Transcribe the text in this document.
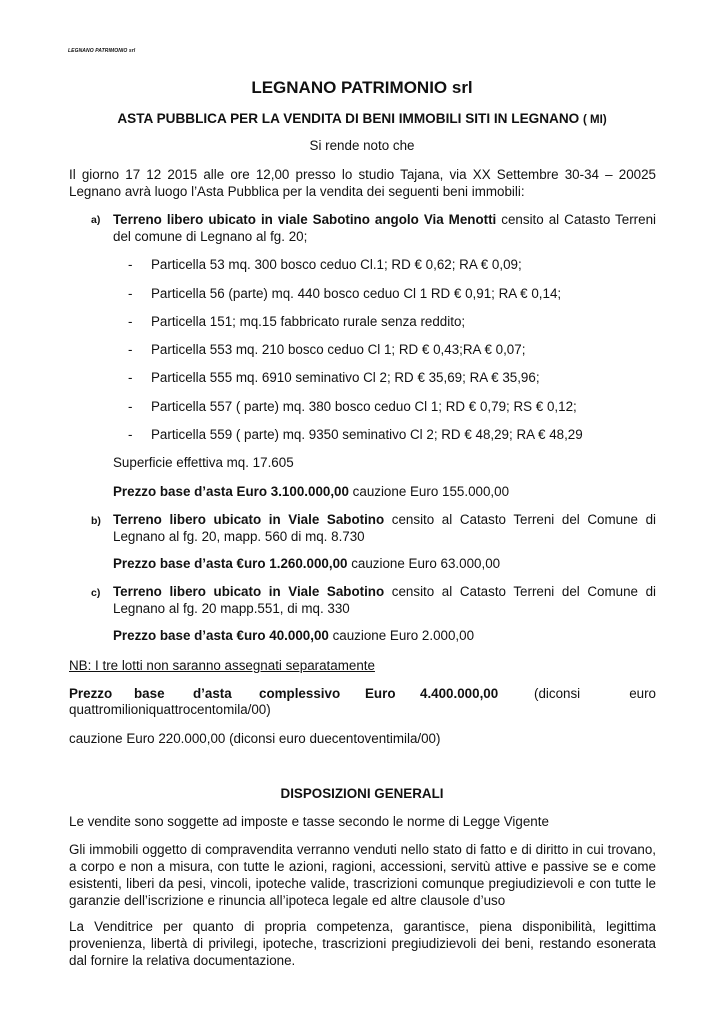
LEGNANO PATRIMONIO srl
LEGNANO PATRIMONIO srl
ASTA PUBBLICA PER LA VENDITA DI BENI IMMOBILI SITI IN LEGNANO ( MI)
Si rende noto che
Il giorno 17 12 2015 alle ore 12,00 presso lo studio Tajana, via XX Settembre 30-34 – 20025 Legnano avrà luogo l’Asta Pubblica per la vendita dei seguenti beni immobili:
a) Terreno libero ubicato in viale Sabotino angolo Via Menotti censito al Catasto Terreni del comune di Legnano al fg. 20;
- Particella 53 mq. 300 bosco ceduo Cl.1; RD € 0,62; RA € 0,09;
- Particella 56 (parte) mq. 440 bosco ceduo Cl 1 RD € 0,91; RA € 0,14;
- Particella 151; mq.15 fabbricato rurale senza reddito;
- Particella 553 mq. 210 bosco ceduo Cl 1; RD € 0,43;RA € 0,07;
- Particella 555 mq. 6910 seminativo Cl 2; RD € 35,69; RA € 35,96;
- Particella 557 ( parte) mq. 380 bosco ceduo Cl 1; RD € 0,79; RS € 0,12;
- Particella 559 ( parte) mq. 9350 seminativo Cl 2; RD € 48,29; RA € 48,29
Superficie effettiva mq. 17.605
Prezzo base d’asta Euro 3.100.000,00 cauzione Euro 155.000,00
b) Terreno libero ubicato in Viale Sabotino censito al Catasto Terreni del Comune di Legnano al fg. 20, mapp. 560 di mq. 8.730
Prezzo base d’asta €uro 1.260.000,00 cauzione Euro 63.000,00
c) Terreno libero ubicato in Viale Sabotino censito al Catasto Terreni del Comune di Legnano al fg. 20 mapp.551, di mq. 330
Prezzo base d’asta €uro 40.000,00 cauzione Euro 2.000,00
NB: I tre lotti non saranno assegnati separatamente
Prezzo base d’asta complessivo Euro 4.400.000,00	(diconsi	euro
quattromilioniquattrocentomila/00)
cauzione Euro 220.000,00 (diconsi euro duecentoventimila/00)
DISPOSIZIONI GENERALI
Le vendite sono soggette ad imposte e tasse secondo le norme di Legge Vigente
Gli immobili oggetto di compravendita verranno venduti nello stato di fatto e di diritto in cui trovano, a corpo e non a misura, con tutte le azioni, ragioni, accessioni, servitù attive e passive se e come esistenti, liberi da pesi, vincoli, ipoteche valide, trascrizioni comunque pregiudizievoli e con tutte le garanzie dell’iscrizione e rinuncia all’ipoteca legale ed altre clausole d’uso
La Venditrice per quanto di propria competenza, garantisce, piena disponibilità, legittima provenienza, libertà di privilegi, ipoteche, trascrizioni pregiudizievoli dei beni, restando esonerata dal fornire la relativa documentazione.
